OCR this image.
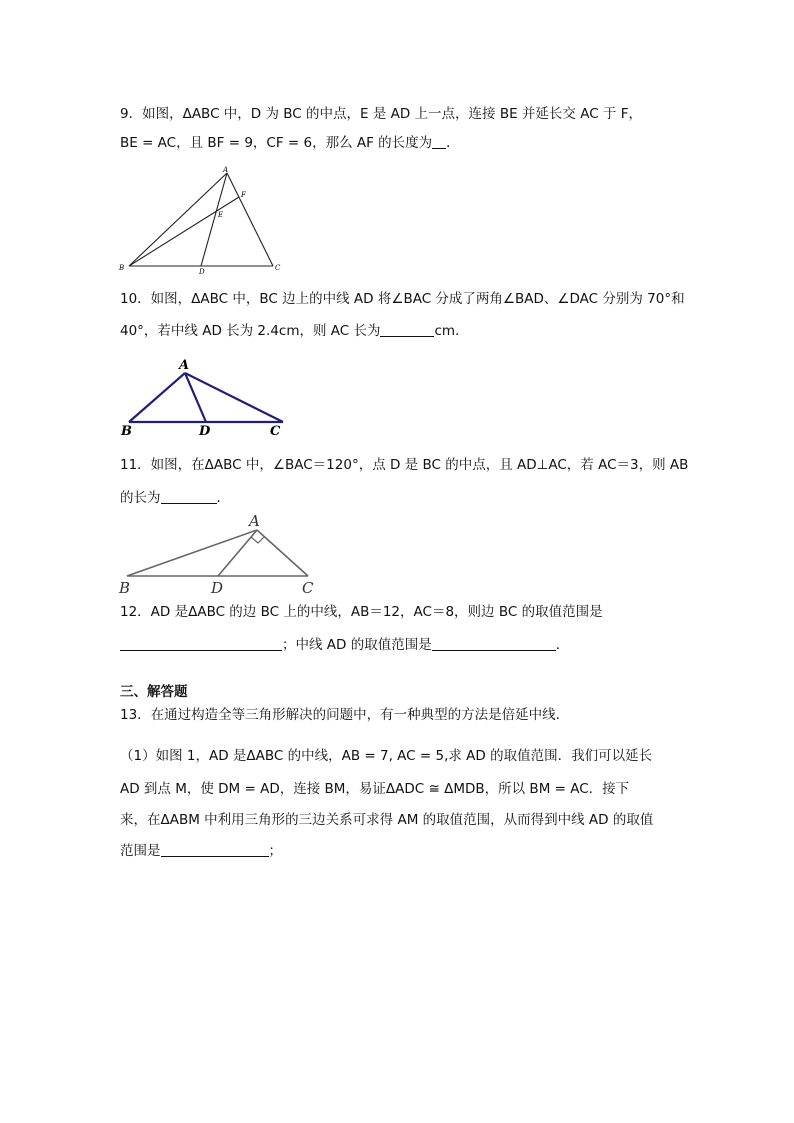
9．如图，ΔABC 中，D 为 BC 的中点，E 是 AD 上一点，连接 BE 并延长交 AC 于 F，
BE = AC，且 BF = 9，CF = 6，那么 AF 的长度为 ．
A
B	C
D
E
F
10．如图，ΔABC 中，BC 边上的中线 AD 将∠BAC 分成了两角∠BAD、∠DAC 分别为 70°和
40°，若中线 AD 长为 2.4cm，则 AC 长为	cm.
A
B	C
D
11．如图，在ΔABC 中，∠BAC＝120°，点 D 是 BC 的中点，且 AD⊥AC，若 AC＝3，则 AB
的长为	．
A
B	C
D
12．AD 是ΔABC 的边 BC 上的中线，AB＝12，AC＝8，则边 BC 的取值范围是
；中线 AD 的取值范围是	．
三、解答题
13．在通过构造全等三角形解决的问题中，有一种典型的方法是倍延中线．
（1）如图 1，AD 是ΔABC 的中线，AB = 7, AC = 5,求 AD 的取值范围．我们可以延长
AD 到点 M，使 DM = AD，连接 BM，易证ΔADC ≅ ΔMDB，所以 BM = AC．接下
来，在ΔABM 中利用三角形的三边关系可求得 AM 的取值范围，从而得到中线 AD 的取值
范围是	；
